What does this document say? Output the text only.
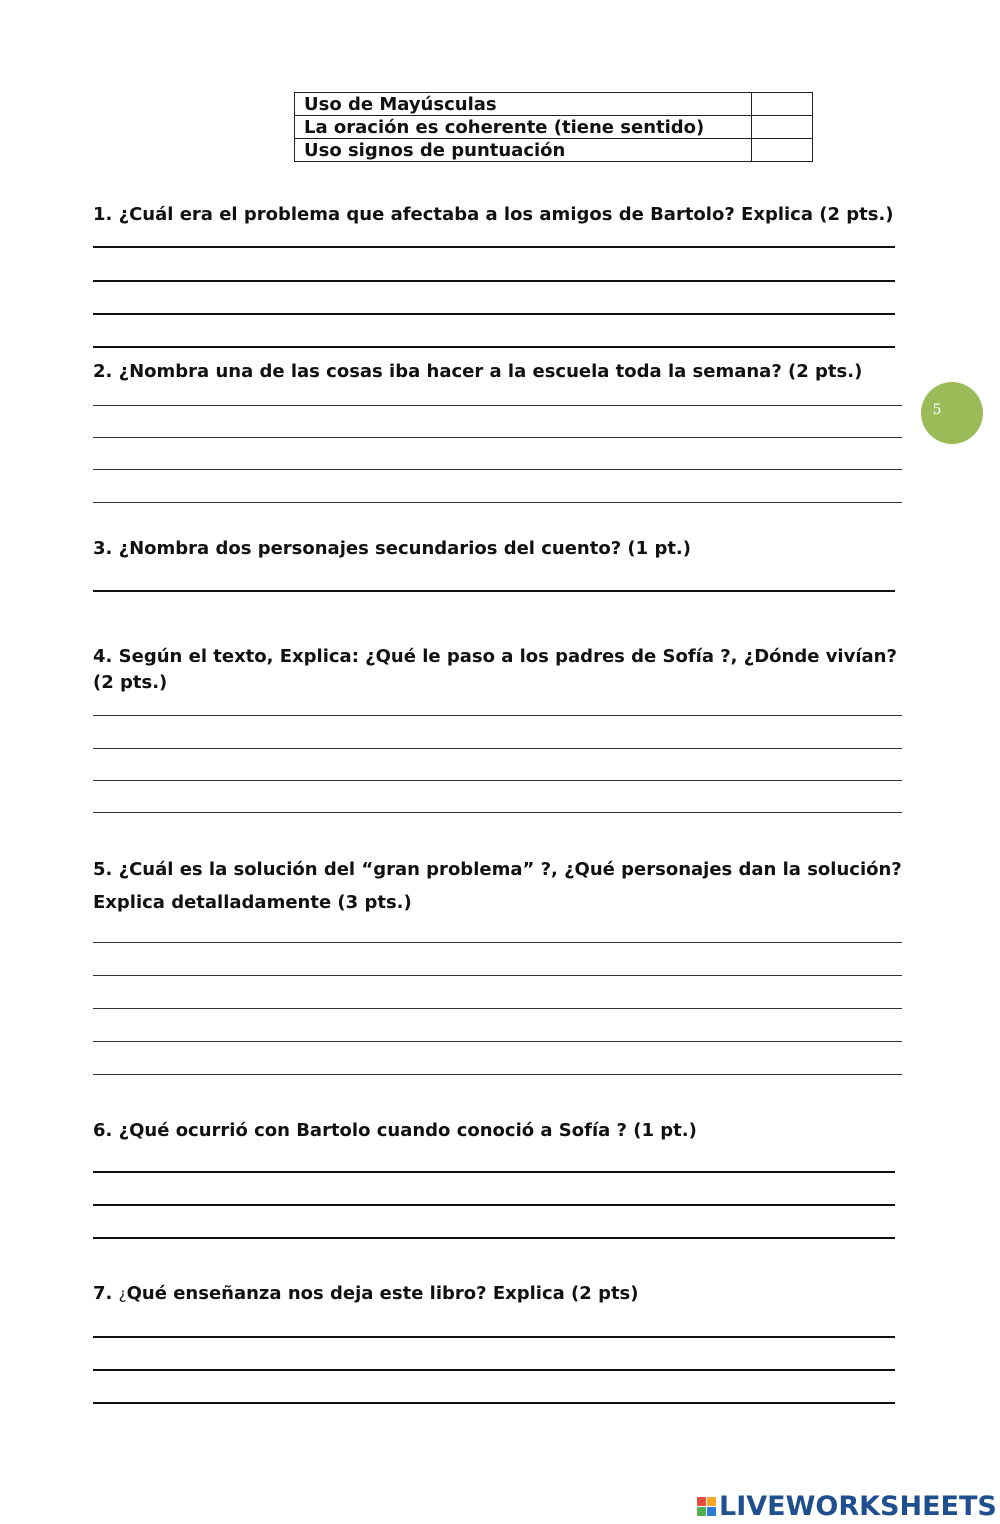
Uso de Mayúsculas	
La oración es coherente (tiene sentido)	
Uso signos de puntuación	

1. ¿Cuál era el problema que afectaba a los amigos de Bartolo? Explica (2 pts.)

2. ¿Nombra una de las cosas iba hacer a la escuela toda la semana? (2 pts.)

3. ¿Nombra dos personajes secundarios del cuento? (1 pt.)

4. Según el texto, Explica: ¿Qué le paso a los padres de Sofía ?, ¿Dónde vivían? (2 pts.)

5. ¿Cuál es la solución del “gran problema” ?, ¿Qué personajes dan la solución?

Explica detalladamente (3 pts.)

6. ¿Qué ocurrió con Bartolo cuando conoció a Sofía ? (1 pt.)

7. ¿Qué enseñanza nos deja este libro? Explica (2 pts)

5
LIVEWORKSHEETS
